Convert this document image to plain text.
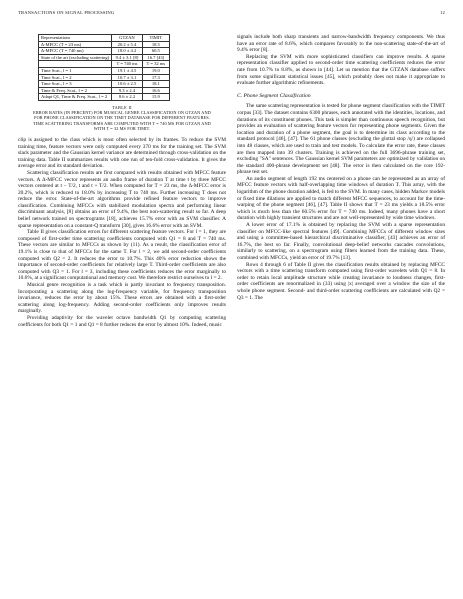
TRANSACTIONS ON SIGNAL PROCESSING	12
Representations	GTZAN	TIMIT
Δ-MFCC (T = 23 ms)	20.2 ± 5.4	18.5
Δ-MFCC (T = 740 ms)	18.0 ± 4.2	60.5
State of the art (excluding scattering)	9.4 ± 3.1 [8]	16.7 [43]
	T = 740 ms	T = 32 ms
Time Scat., l = 1	19.1 ± 4.5	19.0
Time Scat., l = 2	10.7 ± 3.1	17.3
Time Scat., l = 3	10.6 ± 2.5	18.1
Time & Freq. Scat., l = 2	9.3 ± 2.4	16.6
Adapt Q1, Time & Freq. Scat., l = 2	8.6 ± 2.2	15.9
TABLE II
ERROR RATES (IN PERCENT) FOR MUSICAL GENRE CLASSIFICATION ON GTZAN AND FOR PHONE CLASSIFICATION ON THE TIMIT DATABASE FOR DIFFERENT FEATURES. TIME SCATTERING TRANSFORMS ARE COMPUTED WITH T = 740 MS FOR GTZAN AND WITH T = 32 MS FOR TIMIT.

clip is assigned to the class which is most often selected by its frames. To reduce the SVM training time, feature vectors were only computed every 370 ms for the training set. The SVM slack parameter and the Gaussian kernel variance are determined through cross-validation on the training data. Table II summarizes results with one run of ten-fold cross-validation. It gives the average error and its standard deviation.

Scattering classification results are first compared with results obtained with MFCC feature vectors. A Δ-MFCC vector represents an audio frame of duration T at time t by three MFCC vectors centered at t − T/2, t and t + T/2. When computed for T = 23 ms, the Δ-MFCC error is 20.2%, which is reduced to 18.0% by increasing T to 740 ms. Further increasing T does not reduce the error. State-of-the-art algorithms provide refined feature vectors to improve classification. Combining MFCCs with stabilized modulation spectra and performing linear discriminant analysis, [8] obtains an error of 9.4%, the best non-scattering result so far. A deep belief network trained on spectrograms [18], achieves 15.7% error with an SVM classifier. A sparse representation on a constant-Q transform [30], gives 16.6% error with an SVM.

Table II gives classification errors for different scattering feature vectors. For l = 1, they are composed of first-order time scattering coefficients computed with Q1 = 8 and T = 740 ms. These vectors are similar to MFCCs as shown by (11). As a result, the classification error of 19.1% is close to that of MFCCs for the same T. For l = 2, we add second-order coefficients computed with Q2 = 2. It reduces the error to 10.7%. This 40% error reduction shows the importance of second-order coefficients for relatively large T. Third-order coefficients are also computed with Q3 = 1. For l = 3, including these coefficients reduces the error marginally to 10.6%, at a significant computational and memory cost. We therefore restrict ourselves to l = 2.

Musical genre recognition is a task which is partly invariant to frequency transposition. Incorporating a scattering along the log-frequency variable, for frequency transposition invariance, reduces the error by about 15%. These errors are obtained with a first-order scattering along log-frequency. Adding second-order coefficients only improves results marginally.

Providing adaptivity for the wavelet octave bandwidth Q1 by computing scattering coefficients for both Q1 = 1 and Q1 = 8 further reduces the error by almost 10%. Indeed, music

signals include both sharp transients and narrow-bandwidth frequency components. We thus have an error rate of 8.6%, which compares favorably to the non-scattering state-of-the-art of 9.4% error [8].

Replacing the SVM with more sophisticated classifiers can improve results. A sparse representation classifier applied to second-order time scattering coefficients reduces the error rate from 10.7% to 8.8%, as shown in [44]. Let us mention that the GTZAN database suffers from some significant statistical issues [45], which probably does not make it appropriate to evaluate further algorithmic refinements.

C. Phone Segment Classification

The same scattering representation is tested for phone segment classification with the TIMIT corpus [33]. The dataset contains 6300 phrases, each annotated with the identities, locations, and durations of its constituent phones. This task is simpler than continuous speech recognition, but provides an evaluation of scattering feature vectors for representing phone segments. Given the location and duration of a phone segment, the goal is to determine its class according to the standard protocol [46], [47]. The 61 phone classes (excluding the glottal stop /q/) are collapsed into 48 classes, which are used to train and test models. To calculate the error rate, these classes are then mapped into 39 clusters. Training is achieved on the full 3696-phrase training set, excluding "SA" sentences. The Gaussian kernel SVM parameters are optimized by validation on the standard 400-phrase development set [48]. The error is then calculated on the core 192-phrase test set.

An audio segment of length 192 ms centered on a phone can be represented as an array of MFCC feature vectors with half-overlapping time windows of duration T. This array, with the logarithm of the phone duration added, is fed to the SVM. In many cases, hidden Markov models or fixed time dilations are applied to match different MFCC sequences, to account for the time-warping of the phone segment [46], [47]. Table II shows that T = 23 ms yields a 18.5% error which is much less than the 60.5% error for T = 740 ms. Indeed, many phones have a short duration with highly transient structures and are not well-represented by wide time windows.

A lower error of 17.1% is obtained by replacing the SVM with a sparse representation classifier on MFCC-like spectral features [49]. Combining MFCCs of different window sizes and using a committee-based hierarchical discriminative classifier, [43] achieves an error of 16.7%, the best so far. Finally, convolutional deep-belief networks cascades convolutions, similarly to scattering, on a spectrogram using filters learned from the training data. These, combined with MFCCs, yield an error of 19.7% [13].

Rows 4 through 6 of Table II gives the classification results obtained by replacing MFCC vectors with a time scattering transform computed using first-order wavelets with Q1 = 8. In order to retain local amplitude structure while creating invariance to loudness changes, first-order coefficients are renormalized in (33) using |x| averaged over a window the size of the whole phone segment. Second- and third-order scattering coefficients are calculated with Q2 = Q3 = 1. The
